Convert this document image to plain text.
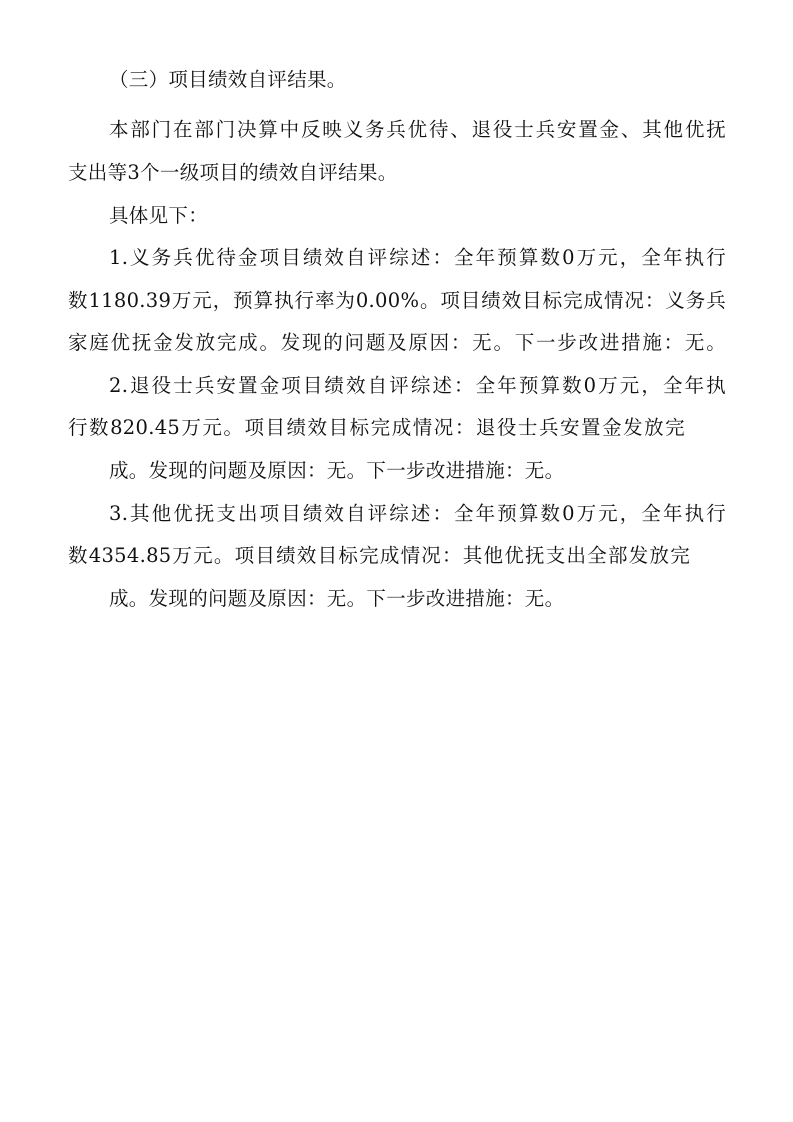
（三）项目绩效自评结果。
本部门在部门决算中反映义务兵优待、退役士兵安置金、其他优抚
支出等3个一级项目的绩效自评结果。
具体见下：
1.义务兵优待金项目绩效自评综述：全年预算数0万元，全年执行
数1180.39万元，预算执行率为0.00%。项目绩效目标完成情况：义务兵
家庭优抚金发放完成。发现的问题及原因：无。下一步改进措施：无。
2.退役士兵安置金项目绩效自评综述：全年预算数0万元，全年执
行数820.45万元。项目绩效目标完成情况：退役士兵安置金发放完
成。发现的问题及原因：无。下一步改进措施：无。
3.其他优抚支出项目绩效自评综述：全年预算数0万元，全年执行
数4354.85万元。项目绩效目标完成情况：其他优抚支出全部发放完
成。发现的问题及原因：无。下一步改进措施：无。
